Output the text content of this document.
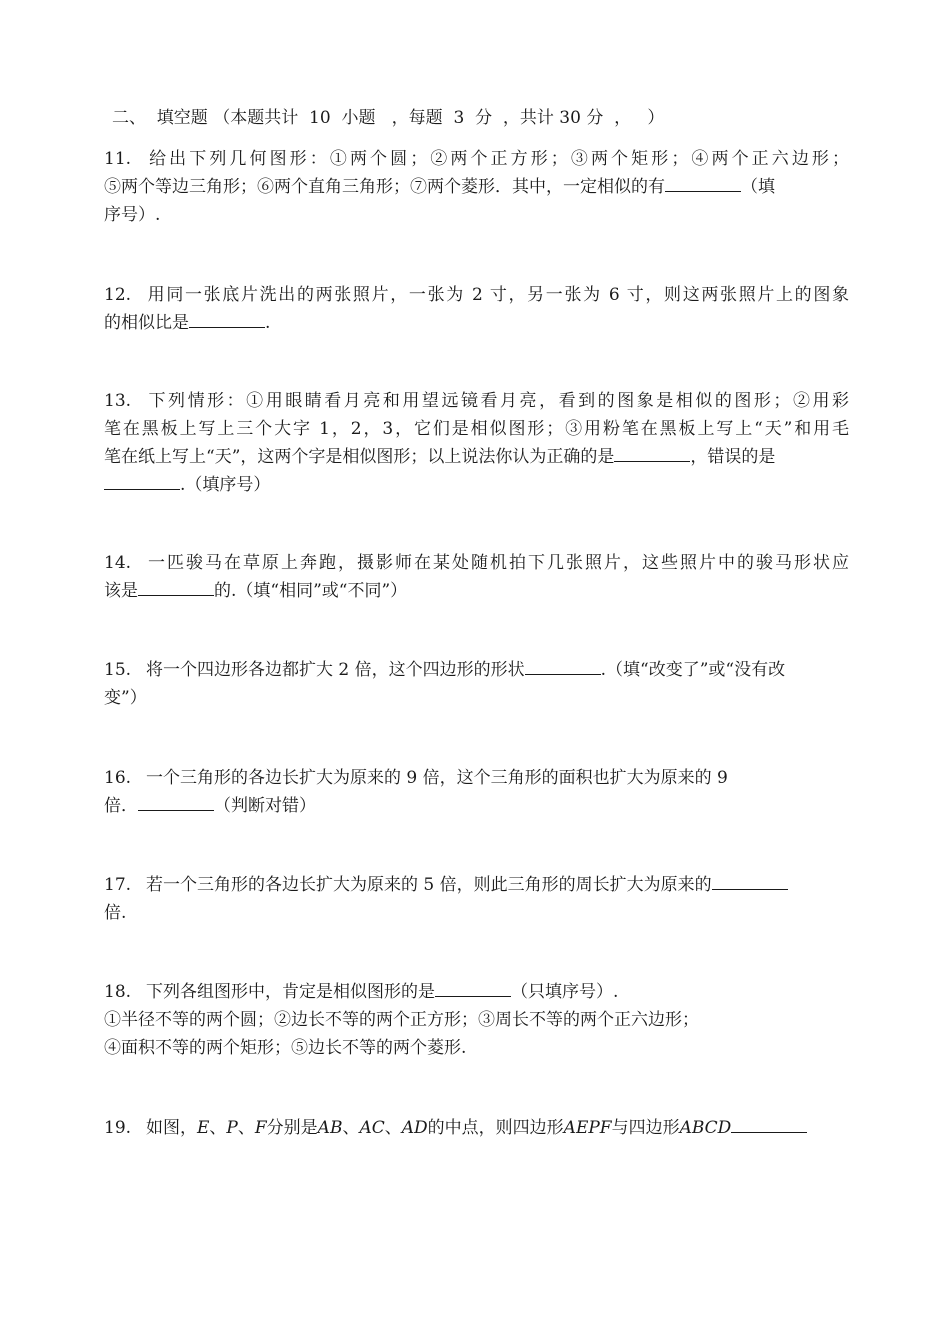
二、  填空题 （本题共计  10  小题   ，每题  3  分  ，共计 30 分  ，   ）
11. 给出下列几何图形：①两个圆；②两个正方形；③两个矩形；④两个正六边形；
⑤两个等边三角形；⑥两个直角三角形；⑦两个菱形．其中，一定相似的有	（填
序号）.
12. 用同一张底片洗出的两张照片，一张为 2 寸，另一张为 6 寸，则这两张照片上的图象
的相似比是	.
13. 下列情形：①用眼睛看月亮和用望远镜看月亮，看到的图象是相似的图形；②用彩
笔在黑板上写上三个大字 1，2，3，它们是相似图形；③用粉笔在黑板上写上“天”和用毛
笔在纸上写上“天”，这两个字是相似图形；以上说法你认为正确的是	，错误的是
.（填序号）
14. 一匹骏马在草原上奔跑，摄影师在某处随机拍下几张照片，这些照片中的骏马形状应
该是	的.（填“相同”或“不同”）
15. 将一个四边形各边都扩大 2 倍，这个四边形的形状	.（填“改变了”或“没有改
变”）
16. 一个三角形的各边长扩大为原来的 9 倍，这个三角形的面积也扩大为原来的 9
倍．	（判断对错）
17. 若一个三角形的各边长扩大为原来的 5 倍，则此三角形的周长扩大为原来的
倍.
18. 下列各组图形中，肯定是相似图形的是	（只填序号）.
①半径不等的两个圆；②边长不等的两个正方形；③周长不等的两个正六边形；
④面积不等的两个矩形；⑤边长不等的两个菱形.
19. 如图，E、P、F分别是AB、AC、AD的中点，则四边形AEPF与四边形ABCD
